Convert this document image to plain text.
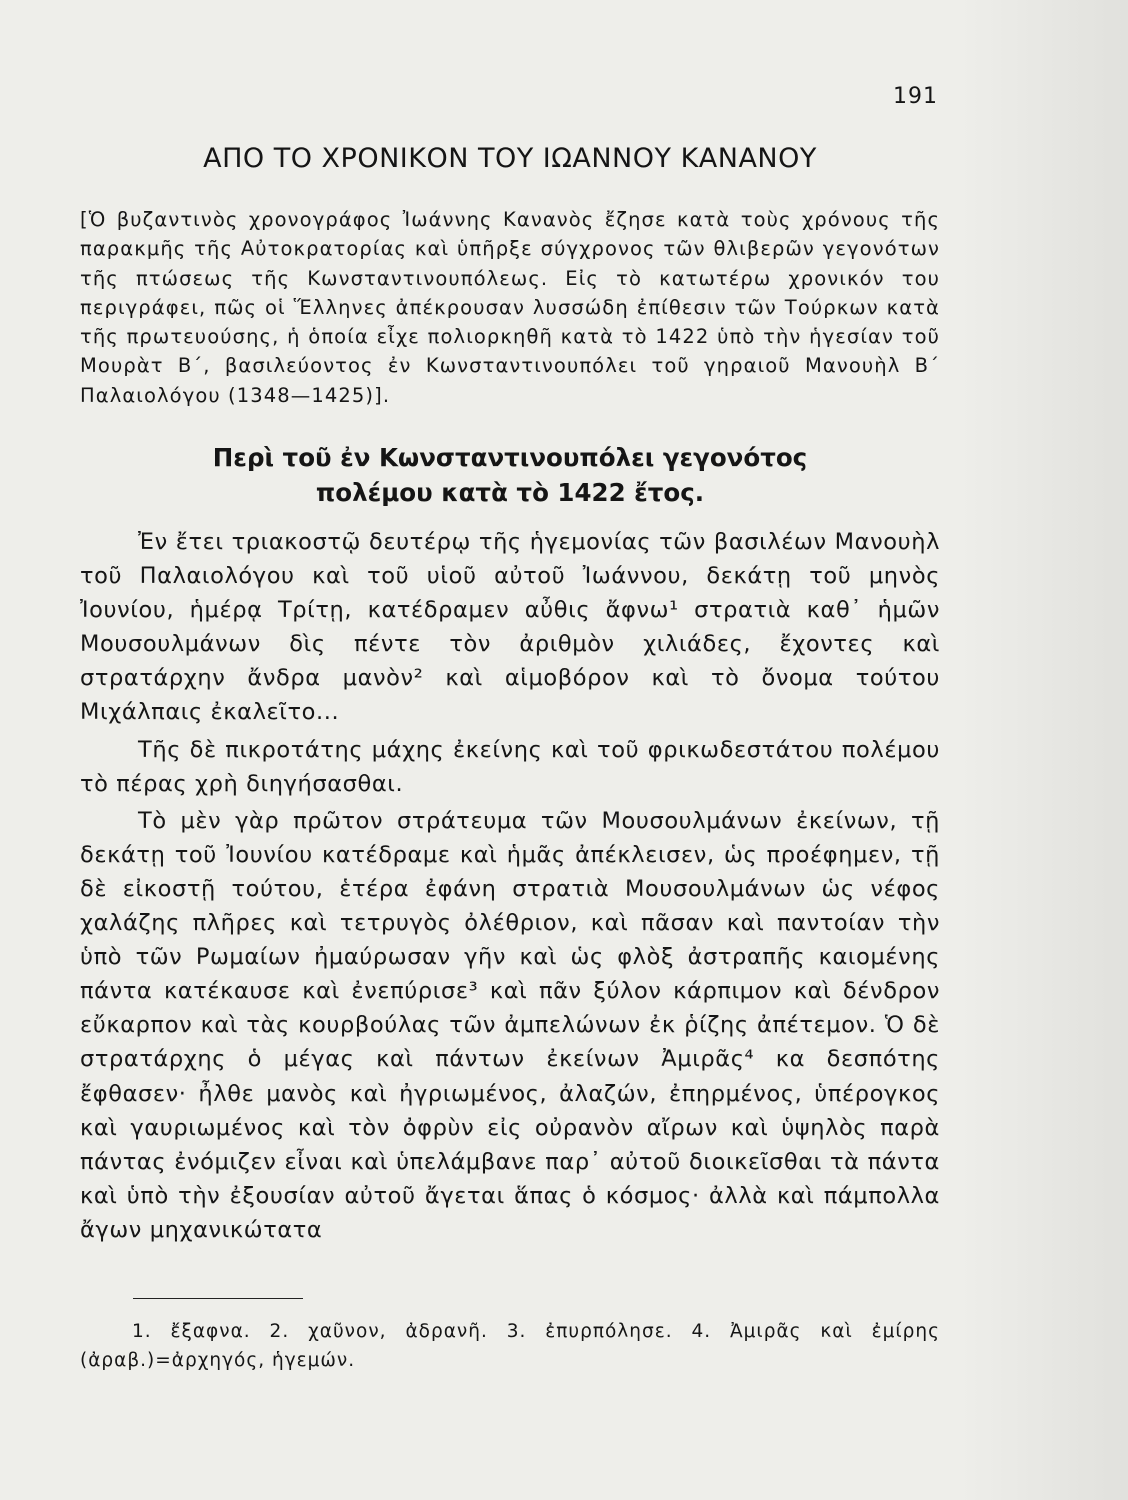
191
ΑΠΟ ΤΟ ΧΡΟΝΙΚΟΝ ΤΟΥ ΙΩΑΝΝΟΥ ΚΑΝΑΝΟΥ

[Ὁ βυζαντινὸς χρονογράφος Ἰωάννης Κανανὸς ἔζησε κατὰ τοὺς χρόνους τῆς παρακμῆς τῆς Αὐτοκρατορίας καὶ ὑπῆρξε σύγχρονος τῶν θλιβερῶν γεγονότων τῆς πτώσεως τῆς Κωνσταντινουπόλεως. Εἰς τὸ κατωτέρω χρονικόν του περιγράφει, πῶς οἱ Ἕλληνες ἀπέκρουσαν λυσσώδη ἐπίθεσιν τῶν Τούρκων κατὰ τῆς πρωτευούσης, ἡ ὁποία εἶχε πολιορκηθῆ κατὰ τὸ 1422 ὑπὸ τὴν ἡγεσίαν τοῦ Μουρὰτ Β΄, βασιλεύοντος ἐν Κωνσταντινουπόλει τοῦ γηραιοῦ Μανουὴλ Β΄ Παλαιολόγου (1348—1425)].

Περὶ τοῦ ἐν Κωνσταντινουπόλει γεγονότος
πολέμου κατὰ τὸ 1422 ἔτος.

Ἐν ἔτει τριακοστῷ δευτέρῳ τῆς ἡγεμονίας τῶν βασιλέων Μανουὴλ τοῦ Παλαιολόγου καὶ τοῦ υἱοῦ αὐτοῦ Ἰωάννου, δεκάτῃ τοῦ μηνὸς Ἰουνίου, ἡμέρᾳ Τρίτῃ, κατέδραμεν αὖθις ἄφνω¹ στρατιὰ καθ᾿ ἡμῶν Μουσουλμάνων δὶς πέντε τὸν ἀριθμὸν χιλιάδες, ἔχοντες καὶ στρατάρχην ἄνδρα μανὸν² καὶ αἱμοβόρον καὶ τὸ ὄνομα τούτου Μιχάλπαις ἐκαλεῖτο...

Τῆς δὲ πικροτάτης μάχης ἐκείνης καὶ τοῦ φρικωδεστάτου πολέμου τὸ πέρας χρὴ διηγήσασθαι.

Τὸ μὲν γὰρ πρῶτον στράτευμα τῶν Μουσουλμάνων ἐκείνων, τῇ δεκάτῃ τοῦ Ἰουνίου κατέδραμε καὶ ἡμᾶς ἀπέκλεισεν, ὡς προέφημεν, τῇ δὲ εἰκοστῇ τούτου, ἑτέρα ἐφάνη στρατιὰ Μουσουλμάνων ὡς νέφος χαλάζης πλῆρες καὶ τετρυγὸς ὀλέθριον, καὶ πᾶσαν καὶ παντοίαν τὴν ὑπὸ τῶν Ρωμαίων ἠμαύρωσαν γῆν καὶ ὡς φλὸξ ἀστραπῆς καιομένης πάντα κατέκαυσε καὶ ἐνεπύρισε³ καὶ πᾶν ξύλον κάρπιμον καὶ δένδρον εὔκαρπον καὶ τὰς κουρβούλας τῶν ἀμπελώνων ἐκ ῥίζης ἀπέτεμον. Ὁ δὲ στρατάρχης ὁ μέγας καὶ πάντων ἐκείνων Ἀμιρᾶς⁴ κα δεσπότης ἔφθασεν· ἦλθε μανὸς καὶ ἠγριωμένος, ἀλαζών, ἐπηρμένος, ὑπέρογκος καὶ γαυριωμένος καὶ τὸν ὀφρὺν εἰς οὐρανὸν αἴρων καὶ ὑψηλὸς παρὰ πάντας ἐνόμιζεν εἶναι καὶ ὑπελάμβανε παρ᾿ αὐτοῦ διοικεῖσθαι τὰ πάντα καὶ ὑπὸ τὴν ἐξουσίαν αὐτοῦ ἄγεται ἅπας ὁ κόσμος· ἀλλὰ καὶ πάμπολλα ἄγων μηχανικώτατα

1. ἔξαφνα. 2. χαῦνον, ἀδρανῆ. 3. ἐπυρπόλησε. 4. Ἀμιρᾶς καὶ ἐμίρης (ἀραβ.)=ἀρχηγός, ἡγεμών.
